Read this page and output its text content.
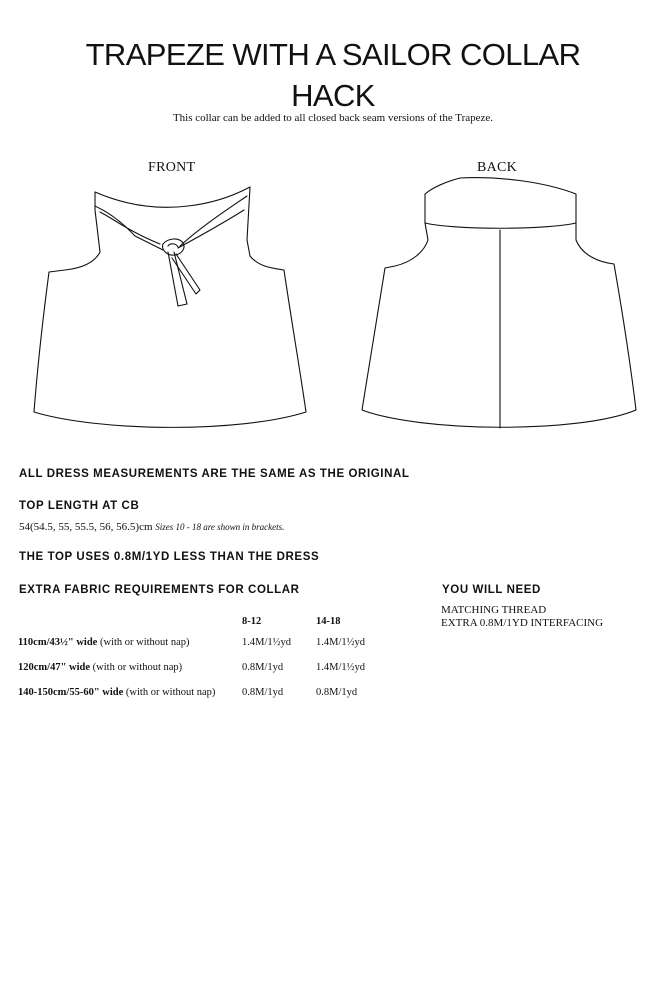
TRAPEZE WITH A SAILOR COLLAR
HACK

This collar can be added to all closed back seam versions of the Trapeze.

FRONT	BACK
ALL DRESS MEASUREMENTS ARE THE SAME AS THE ORIGINAL
TOP LENGTH AT CB
54(54.5, 55, 55.5, 56, 56.5)cm Sizes 10 - 18 are shown in brackets.
THE TOP USES 0.8M/1YD LESS THAN THE DRESS
EXTRA FABRIC REQUIREMENTS FOR COLLAR
	8-12	14-18
110cm/43½" wide (with or without nap)	1.4M/1½yd	1.4M/1½yd
120cm/47" wide (with or without nap)	0.8M/1yd	1.4M/1½yd
140-150cm/55-60" wide (with or without nap)	0.8M/1yd	0.8M/1yd
YOU WILL NEED
MATCHING THREAD
EXTRA 0.8M/1YD INTERFACING
